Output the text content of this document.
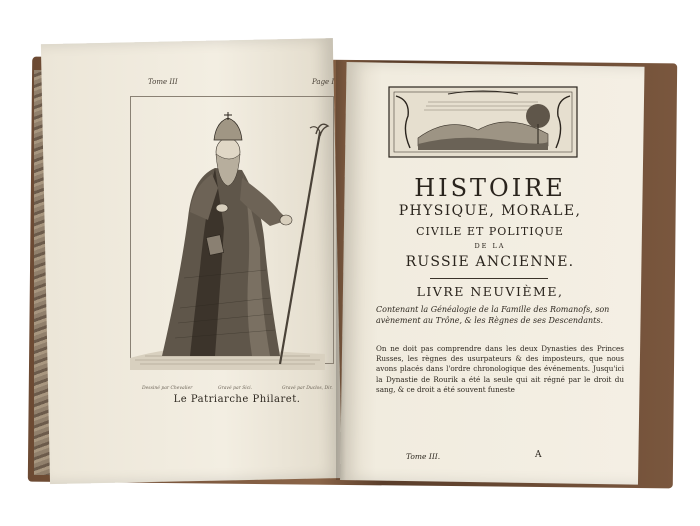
Tome III	Page I
Dessiné par Chevalier	Gravé par Sici.	Gravé par Duclos, Dir.
Le Patriarche Philaret.
HISTOIRE
PHYSIQUE, MORALE,
CIVILE ET POLITIQUE
DE LA
RUSSIE ANCIENNE.
LIVRE NEUVIÈME,
Contenant la Généalogie de la Famille des Romanofs, son avènement au Trône, & les Règnes de ses Descendants.
On ne doit pas comprendre dans les deux Dynasties des Princes Russes, les règnes des usurpateurs & des imposteurs, que nous avons placés dans l'ordre chronologique des événements. Jusqu'ici la Dynastie de Rourik a été la seule qui ait régné par le droit du sang, & ce droit a été souvent funeste
Tome III.	A
